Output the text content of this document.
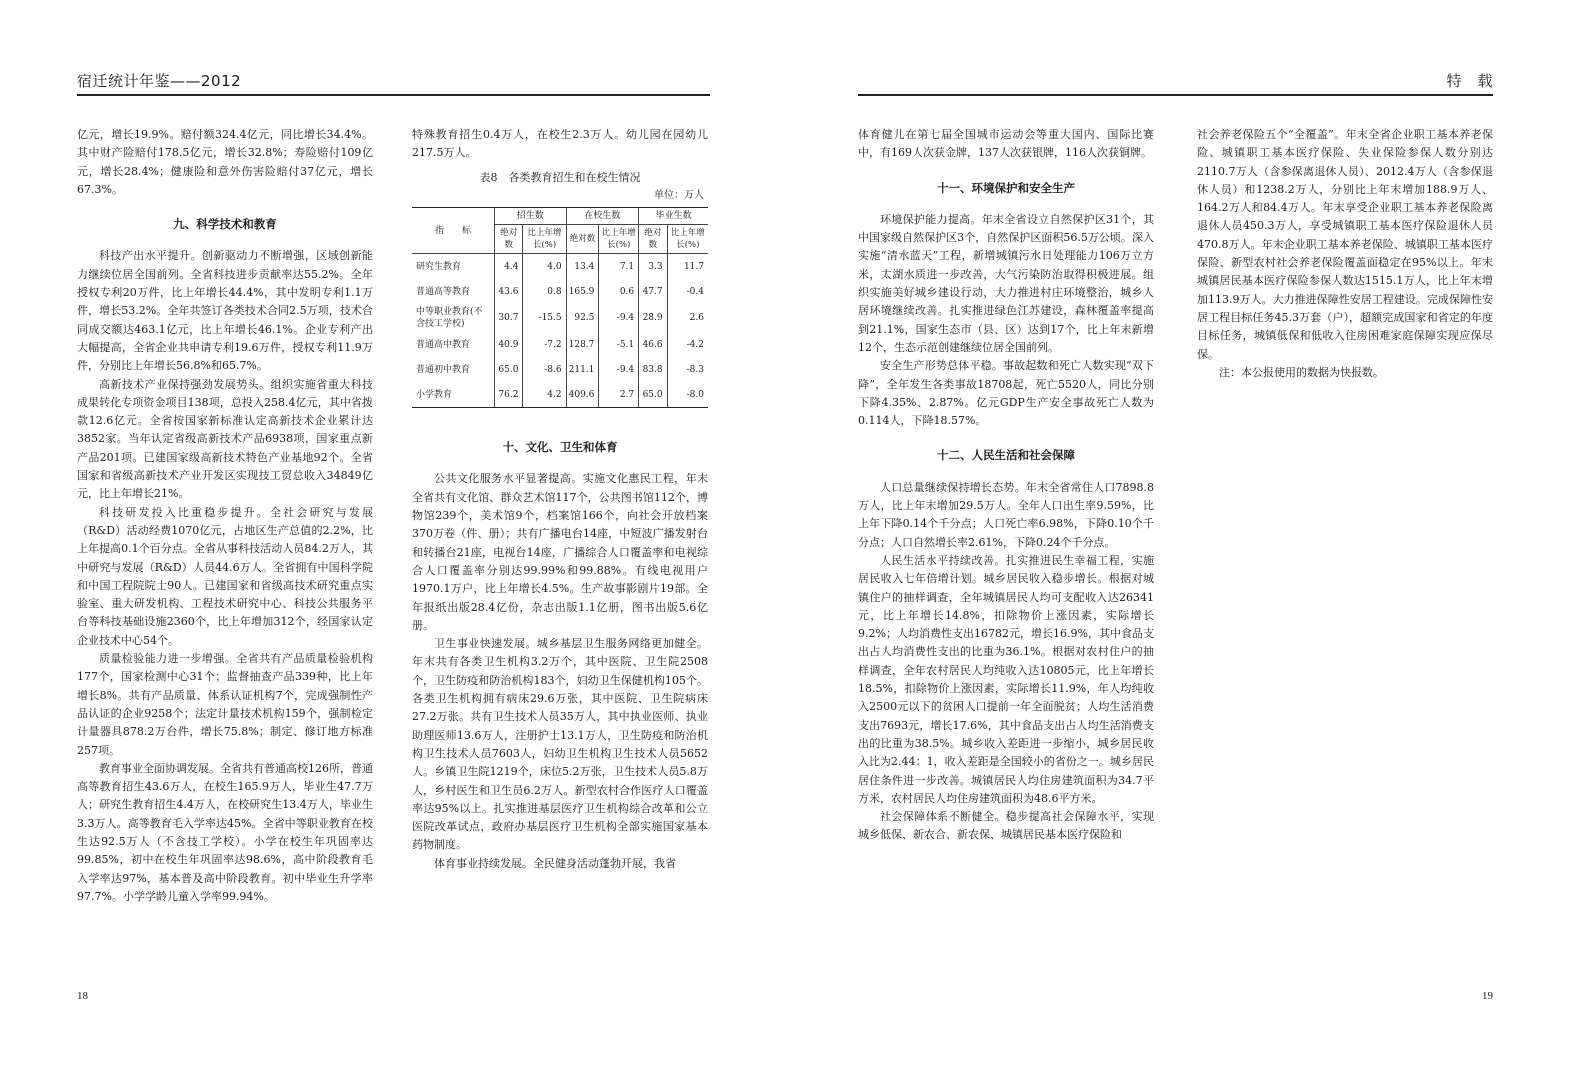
宿迁统计年鉴——2012

亿元，增长19.9%。赔付额324.4亿元，同比增长34.4%。其中财产险赔付178.5亿元，增长32.8%；寿险赔付109亿元，增长28.4%；健康险和意外伤害险赔付37亿元，增长67.3%。

九、科学技术和教育

科技产出水平提升。创新驱动力不断增强，区域创新能力继续位居全国前列。全省科技进步贡献率达55.2%。全年授权专利20万件，比上年增长44.4%，其中发明专利1.1万件，增长53.2%。全年共签订各类技术合同2.5万项，技术合同成交额达463.1亿元，比上年增长46.1%。企业专利产出大幅提高，全省企业共申请专利19.6万件，授权专利11.9万件，分别比上年增长56.8%和65.7%。

高新技术产业保持强劲发展势头。组织实施省重大科技成果转化专项资金项目138项，总投入258.4亿元，其中省拨款12.6亿元。全省按国家新标准认定高新技术企业累计达3852家。当年认定省级高新技术产品6938项，国家重点新产品201项。已建国家级高新技术特色产业基地92个。全省国家和省级高新技术产业开发区实现技工贸总收入34849亿元，比上年增长21%。

科技研发投入比重稳步提升。全社会研究与发展（R&D）活动经费1070亿元，占地区生产总值的2.2%，比上年提高0.1个百分点。全省从事科技活动人员84.2万人，其中研究与发展（R&D）人员44.6万人。全省拥有中国科学院和中国工程院院士90人。已建国家和省级高技术研究重点实验室、重大研发机构、工程技术研究中心、科技公共服务平台等科技基础设施2360个，比上年增加312个，经国家认定企业技术中心54个。

质量检验能力进一步增强。全省共有产品质量检验机构177个，国家检测中心31个；监督抽查产品339种，比上年增长8%。共有产品质量、体系认证机构7个，完成强制性产品认证的企业9258个；法定计量技术机构159个，强制检定计量器具878.2万台件，增长75.8%；制定、修订地方标准257项。

教育事业全面协调发展。全省共有普通高校126所，普通高等教育招生43.6万人，在校生165.9万人，毕业生47.7万人；研究生教育招生4.4万人，在校研究生13.4万人，毕业生3.3万人。高等教育毛入学率达45%。全省中等职业教育在校生达92.5万人（不含技工学校）。小学在校生年巩固率达99.85%，初中在校生年巩固率达98.6%，高中阶段教育毛入学率达97%，基本普及高中阶段教育。初中毕业生升学率97.7%。小学学龄儿童入学率99.94%。

特殊教育招生0.4万人，在校生2.3万人。幼儿园在园幼儿217.5万人。

表8　各类教育招生和在校生情况
单位：万人
指　　标	招生数		在校生数		毕业生数	
	绝对数	比上年增长(%)	绝对数	比上年增长(%)	绝对数	比上年增长(%)
研究生教育	4.4	4.0	13.4	7.1	3.3	11.7
普通高等教育	43.6	0.8	165.9	0.6	47.7	-0.4
中等职业教育(不含技工学校)	30.7	-15.5	92.5	-9.4	28.9	2.6
普通高中教育	40.9	-7.2	128.7	-5.1	46.6	-4.2
普通初中教育	65.0	-8.6	211.1	-9.4	83.8	-8.3
小学教育	76.2	4.2	409.6	2.7	65.0	-8.0
十、文化、卫生和体育

公共文化服务水平显著提高。实施文化惠民工程，年末全省共有文化馆、群众艺术馆117个，公共图书馆112个，博物馆239个，美术馆9个，档案馆166个，向社会开放档案370万卷（件、册）；共有广播电台14座，中短波广播发射台和转播台21座，电视台14座，广播综合人口覆盖率和电视综合人口覆盖率分别达99.99%和99.88%。有线电视用户1970.1万户，比上年增长4.5%。生产故事影剧片19部。全年报纸出版28.4亿份，杂志出版1.1亿册，图书出版5.6亿册。

卫生事业快速发展。城乡基层卫生服务网络更加健全。年末共有各类卫生机构3.2万个，其中医院、卫生院2508个，卫生防疫和防治机构183个，妇幼卫生保健机构105个。各类卫生机构拥有病床29.6万张，其中医院、卫生院病床27.2万张。共有卫生技术人员35万人，其中执业医师、执业助理医师13.6万人，注册护士13.1万人，卫生防疫和防治机构卫生技术人员7603人，妇幼卫生机构卫生技术人员5652人。乡镇卫生院1219个，床位5.2万张，卫生技术人员5.8万人，乡村医生和卫生员6.2万人。新型农村合作医疗人口覆盖率达95%以上。扎实推进基层医疗卫生机构综合改革和公立医院改革试点，政府办基层医疗卫生机构全部实施国家基本药物制度。

体育事业持续发展。全民健身活动蓬勃开展，我省

18
特　载

体育健儿在第七届全国城市运动会等重大国内、国际比赛中，有169人次获金牌，137人次获银牌，116人次获铜牌。

十一、环境保护和安全生产

环境保护能力提高。年末全省设立自然保护区31个，其中国家级自然保护区3个，自然保护区面积56.5万公顷。深入实施“清水蓝天”工程，新增城镇污水日处理能力106万立方米，太湖水质进一步改善，大气污染防治取得积极进展。组织实施美好城乡建设行动，大力推进村庄环境整治，城乡人居环境继续改善。扎实推进绿色江苏建设，森林覆盖率提高到21.1%，国家生态市（县、区）达到17个，比上年末新增12个，生态示范创建继续位居全国前列。

安全生产形势总体平稳。事故起数和死亡人数实现“双下降”，全年发生各类事故18708起，死亡5520人，同比分别下降4.35%、2.87%。亿元GDP生产安全事故死亡人数为0.114人，下降18.57%。

十二、人民生活和社会保障

人口总量继续保持增长态势。年末全省常住人口7898.8万人，比上年末增加29.5万人。全年人口出生率9.59%，比上年下降0.14个千分点；人口死亡率6.98%，下降0.10个千分点；人口自然增长率2.61%，下降0.24个千分点。

人民生活水平持续改善。扎实推进民生幸福工程，实施居民收入七年倍增计划。城乡居民收入稳步增长。根据对城镇住户的抽样调查，全年城镇居民人均可支配收入达26341元，比上年增长14.8%，扣除物价上涨因素，实际增长9.2%；人均消费性支出16782元，增长16.9%，其中食品支出占人均消费性支出的比重为36.1%。根据对农村住户的抽样调查，全年农村居民人均纯收入达10805元，比上年增长18.5%，扣除物价上涨因素，实际增长11.9%，年人均纯收入2500元以下的贫困人口提前一年全面脱贫；人均生活消费支出7693元，增长17.6%，其中食品支出占人均生活消费支出的比重为38.5%。城乡收入差距进一步缩小，城乡居民收入比为2.44：1，收入差距是全国较小的省份之一。城乡居民居住条件进一步改善。城镇居民人均住房建筑面积为34.7平方米，农村居民人均住房建筑面积为48.6平方米。

社会保障体系不断健全。稳步提高社会保障水平，实现城乡低保、新农合、新农保、城镇居民基本医疗保险和

社会养老保险五个“全覆盖”。年末全省企业职工基本养老保险、城镇职工基本医疗保险、失业保险参保人数分别达2110.7万人（含参保离退休人员）、2012.4万人（含参保退休人员）和1238.2万人，分别比上年末增加188.9万人、164.2万人和84.4万人。年末享受企业职工基本养老保险离退休人员450.3万人，享受城镇职工基本医疗保险退休人员470.8万人。年末企业职工基本养老保险、城镇职工基本医疗保险、新型农村社会养老保险覆盖面稳定在95%以上。年末城镇居民基本医疗保险参保人数达1515.1万人，比上年末增加113.9万人。大力推进保障性安居工程建设。完成保障性安居工程目标任务45.3万套（户），超额完成国家和省定的年度目标任务，城镇低保和低收入住房困难家庭保障实现应保尽保。

注：本公报使用的数据为快报数。

19
